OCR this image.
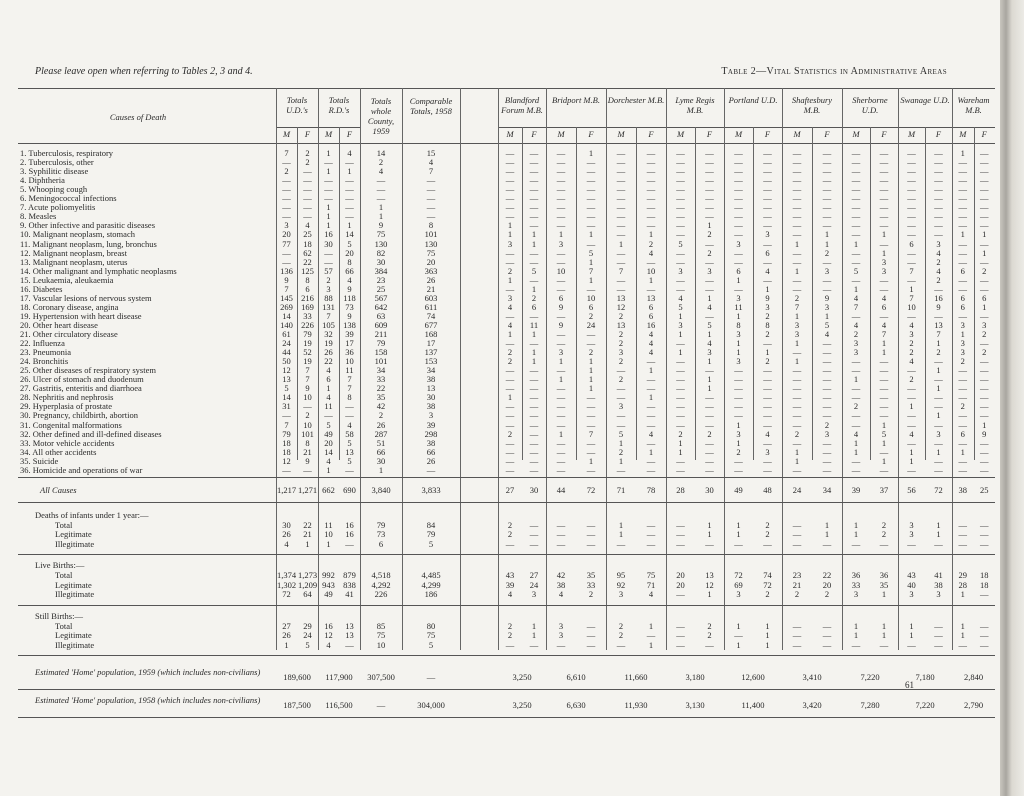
Please leave open when referring to Tables 2, 3 and 4.	Table 2—Vital Statistics in Administrative Areas
Causes of Death
Totals U.D.'s
M	F
Totals R.D.'s
M	F
Totals whole County, 1959
Comparable Totals, 1958
Blandford Forum M.B.
M	F
Bridport M.B.
M	F
Dorchester M.B.
M	F
Lyme Regis M.B.
M	F
Portland U.D.
M	F
Shaftesbury M.B.
M	F
Sherborne U.D.
M	F
Swanage U.D.
M	F
Wareham M.B.
M	F
1. Tuberculosis, respiratory	7	2	1	4	14	15	—	—	—	1	—	—	—	—	—	—	—	—	—	—	—	—	1	—
2. Tuberculosis, other	—	2	—	—	2	4	—	—	—	—	—	—	—	—	—	—	—	—	—	—	—	—	—	—
3. Syphilitic disease	2	—	1	1	4	7	—	—	—	—	—	—	—	—	—	—	—	—	—	—	—	—	—	—
4. Diphtheria	—	—	—	—	—	—	—	—	—	—	—	—	—	—	—	—	—	—	—	—	—	—	—	—
5. Whooping cough	—	—	—	—	—	—	—	—	—	—	—	—	—	—	—	—	—	—	—	—	—	—	—	—
6. Meningococcal infections	—	—	—	—	—	—	—	—	—	—	—	—	—	—	—	—	—	—	—	—	—	—	—	—
7. Acute poliomyelitis	—	—	1	—	1	—	—	—	—	—	—	—	—	—	—	—	—	—	—	—	—	—	—	—
8. Measles	—	—	1	—	1	—	—	—	—	—	—	—	—	—	—	—	—	—	—	—	—	—	—	—
9. Other infective and parasitic diseases	3	4	1	1	9	8	1	—	—	—	—	—	—	1	—	—	—	—	—	—	—	—	—	—
10. Malignant neoplasm, stomach	20	25	16	14	75	101	1	1	1	1	—	1	—	2	—	3	—	1	—	1	—	—	1	1
11. Malignant neoplasm, lung, bronchus	77	18	30	5	130	130	3	1	3	—	1	2	5	—	3	—	1	1	1	—	6	3	—	—
12. Malignant neoplasm, breast	—	62	—	20	82	75	—	—	—	5	—	4	—	2	—	6	—	2	—	1	—	4	—	1
13. Malignant neoplasm, uterus	—	22	—	8	30	20	—	—	—	1	—	—	—	—	—	—	—	—	—	3	—	2	—	—
14. Other malignant and lymphatic neoplasms	136 125	57	66	384	363	2	5	10	7	7	10	3	3	6	4	1	3	5	3	7	4	6	2
15. Leukaemia, aleukaemia	9	8	2	4	23	26	1	—	—	1	—	1	—	—	1	—	—	—	—	—	—	2	—	—
16. Diabetes	7	6	3	9	25	21	—	1	—	—	—	—	—	—	—	1	—	—	1	—	1	—	—	—
17. Vascular lesions of nervous system	145 216	88	118	567	603	3	2	6	10	13	13	4	1	3	9	2	9	4	4	7	16	6	6
18. Coronary disease, angina	269 169 131	73	642	611	4	6	9	6	12	6	5	4	11	3	7	3	7	6	10	9	6	1
19. Hypertension with heart disease	14	33	7	9	63	74	—	—	—	2	2	6	1	—	1	2	1	1	—	—	—	—	—	—
20. Other heart disease	140 226 105 138	609	677	4	11	9	24	13	16	3	5	8	8	3	5	4	4	4	13	3	3
21. Other circulatory disease	61	79	32	39	211	168	1	1	—	—	2	4	1	1	3	2	3	4	2	7	3	7	1	2
22. Influenza	24	19	19	17	79	17	—	—	—	—	2	4	—	4	1	—	1	—	3	1	2	1	3	—
23. Pneumonia	44	52	26	36	158	137	2	1	3	2	3	4	1	3	1	1	—	—	3	1	2	2	3	2
24. Bronchitis	50	19	22	10	101	153	2	1	1	1	2	—	—	1	3	2	1	—	—	—	4	—	2	—
25. Other diseases of respiratory system	12	7	4	11	34	34	—	—	—	1	—	1	—	—	—	—	—	—	—	—	—	1	—	—
26. Ulcer of stomach and duodenum	13	7	6	7	33	38	—	—	1	1	2	—	—	1	—	—	—	—	1	—	2	—	—	—
27. Gastritis, enteritis and diarrhoea	5	9	1	7	22	13	—	—	—	1	—	—	—	1	—	—	—	—	—	—	—	1	—	—
28. Nephritis and nephrosis	14	10	4	8	35	30	1	—	—	—	—	1	—	—	—	—	—	—	—	—	—	—	—	—
29. Hyperplasia of prostate	31	—	11	—	42	38	—	—	—	—	3	—	—	—	—	—	—	—	2	—	1	—	2	—
30. Pregnancy, childbirth, abortion	—	2	—	—	2	3	—	—	—	—	—	—	—	—	—	—	—	—	—	—	—	1	—	—
31. Congenital malformations	7	10	5	4	26	39	—	—	—	—	—	—	—	—	1	—	—	2	—	1	—	—	—	1
32. Other defined and ill-defined diseases	79	101	49	58	287	298	2	—	1	7	5	4	2	2	3	4	2	3	4	5	4	3	6	9
33. Motor vehicle accidents	18	8	20	5	51	38	—	—	—	—	1	—	1	—	1	—	—	—	1	1	—	—	—	—
34. All other accidents	18	21	14	13	66	66	—	—	—	—	2	1	1	—	2	3	1	—	1	—	1	1	1	—
35. Suicide	12	9	4	5	30	26	—	—	—	1	1	—	—	—	—	—	1	—	—	1	1	—	—	—
36. Homicide and operations of war	—	—	1	—	1	—	—	—	—	—	—	—	—	—	—	—	—	—	—	—	—	—	—	—
All Causes	1,217 1,271 662 690	3,840	3,833	27	30	44	72	71	78	28	30	49	48	24	34	39	37	56	72	38	25
Deaths of infants under 1 year:—
Total	30	22	11	16	79	84	2	—	—	—	1	—	—	1	1	2	—	1	1	2	3	1	—	—
Legitimate	26	21	10	16	73	79	2	—	—	—	1	—	—	1	1	2	—	1	1	2	3	1	—	—
Illegitimate	4	1	1	—	6	5	—	—	—	—	—	—	—	—	—	—	—	—	—	—	—	—	—	—
Live Births:—
Total	1,374 1,273 992 879	4,518	4,485	43	27	42	35	95	75	20	13	72	74	23	22	36	36	43	41	29	18
Legitimate	1,302 1,209 943 838	4,292	4,299	39	24	38	33	92	71	20	12	69	72	21	20	33	35	40	38	28	18
Illegitimate	72	64	49	41	226	186	4	3	4	2	3	4	—	1	3	2	2	2	3	1	3	3	1	—
Still Births:—
Total	27	29	16	13	85	80	2	1	3	—	2	1	—	2	1	1	—	—	1	1	1	—	1	—
Legitimate	26	24	12	13	75	75	2	1	3	—	2	—	—	2	—	1	—	—	1	1	1	—	1	—
Illegitimate	1	5	4	—	10	5	—	—	—	—	—	1	—	—	1	1	—	—	—	—	—	—	—	—
Estimated 'Home' population, 1959 (which includes non-civilians)	189,600	117,900	307,500	—	3,250	6,610	11,660	3,180	12,600	3,410	7,220	7,180	2,840
Estimated 'Home' population, 1958 (which includes non-civilians)	187,500	116,500	—	304,000	3,250	6,630	11,930	3,130	11,400	3,420	7,280	7,220	2,790
61
